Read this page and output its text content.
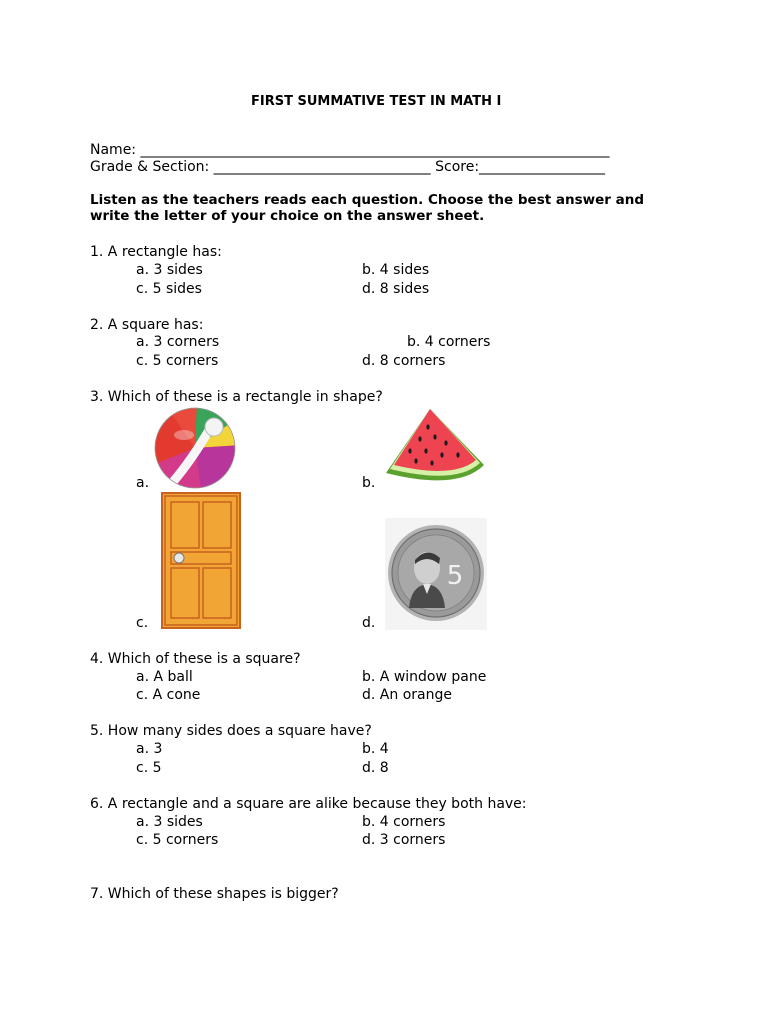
FIRST SUMMATIVE TEST IN MATH I
Name: ___________________________________________________________________
Grade & Section: _______________________________ Score:__________________
Listen as the teachers reads each question. Choose the best answer and
write the letter of your choice on the answer sheet.
1. A rectangle has:
a. 3 sides	b. 4 sides
c. 5 sides	d. 8 sides
2. A square has:
a. 3 corners	b. 4 corners
c. 5 corners	d. 8 corners
3. Which of these is a rectangle in shape?
a.	b.
5
c.	d.
4. Which of these is a square?
a. A ball	b. A window pane
c. A cone	d. An orange
5. How many sides does a square have?
a. 3	b. 4
c. 5	d. 8
6. A rectangle and a square are alike because they both have:
a. 3 sides	b. 4 corners
c. 5 corners	d. 3 corners
7. Which of these shapes is bigger?
